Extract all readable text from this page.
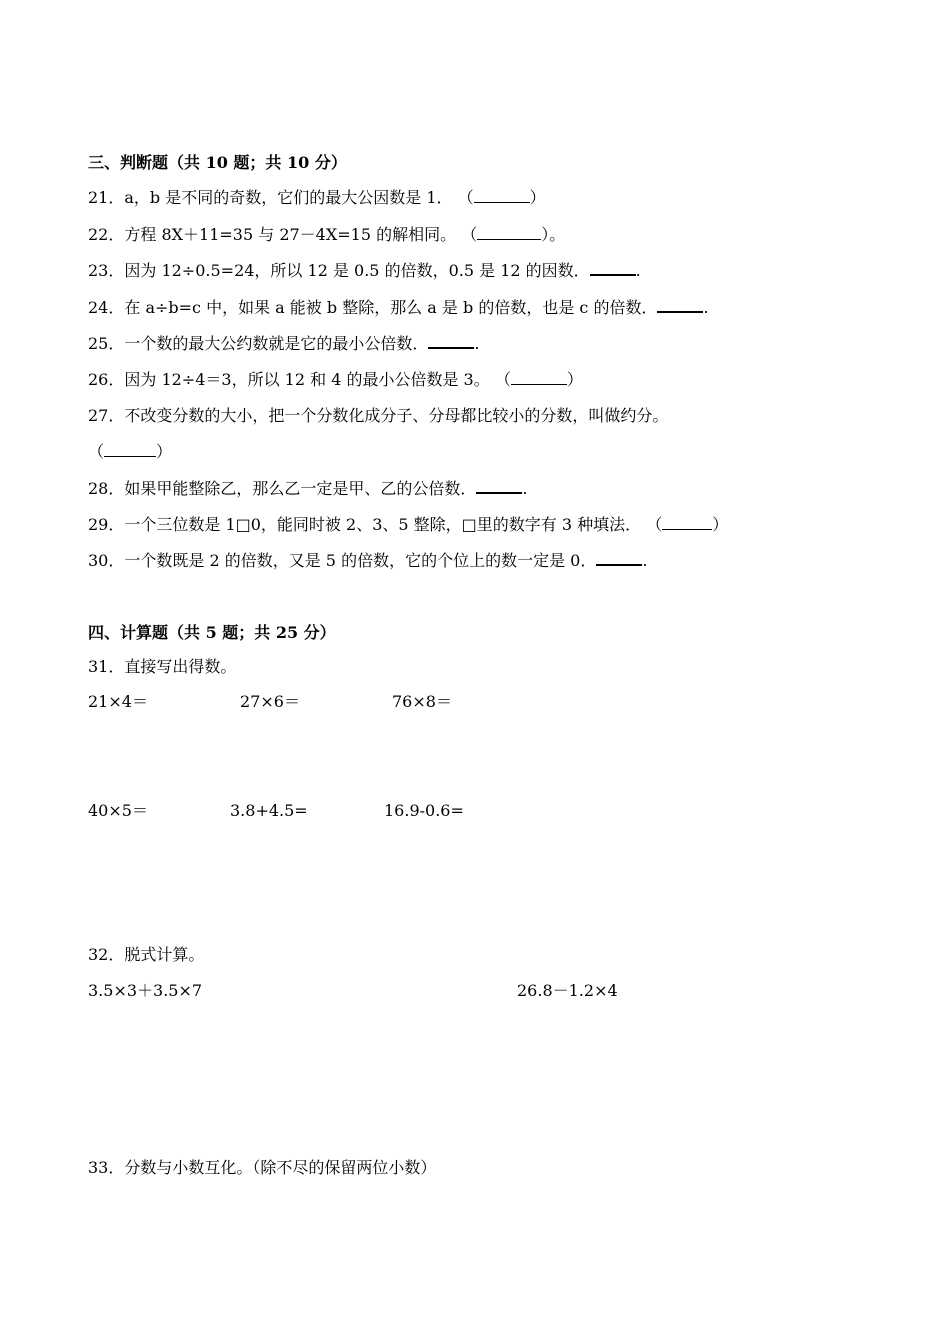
三、判断题（共 10 题；共 10 分）
21．a，b 是不同的奇数，它们的最大公因数是 1． （	）
22．方程 8X＋11=35 与 27－4X=15 的解相同。 （	）。
23．因为 12÷0.5=24，所以 12 是 0.5 的倍数，0.5 是 12 的因数．	.
24．在 a÷b=c 中，如果 a 能被 b 整除，那么 a 是 b 的倍数，也是 c 的倍数．	.
25．一个数的最大公约数就是它的最小公倍数．	.
26．因为 12÷4＝3，所以 12 和 4 的最小公倍数是 3。 （	）
27．不改变分数的大小，把一个分数化成分子、分母都比较小的分数，叫做约分。
（	）
28．如果甲能整除乙，那么乙一定是甲、乙的公倍数．	.
29．一个三位数是 1□0，能同时被 2、3、5 整除，□里的数字有 3 种填法． （	）
30．一个数既是 2 的倍数，又是 5 的倍数，它的个位上的数一定是 0．	.
四、计算题（共 5 题；共 25 分）
31．直接写出得数。
21×4＝	27×6＝	76×8＝
40×5＝	3.8+4.5=	16.9-0.6=
32．脱式计算。
3.5×3＋3.5×7	26.8－1.2×4
33．分数与小数互化。（除不尽的保留两位小数）
